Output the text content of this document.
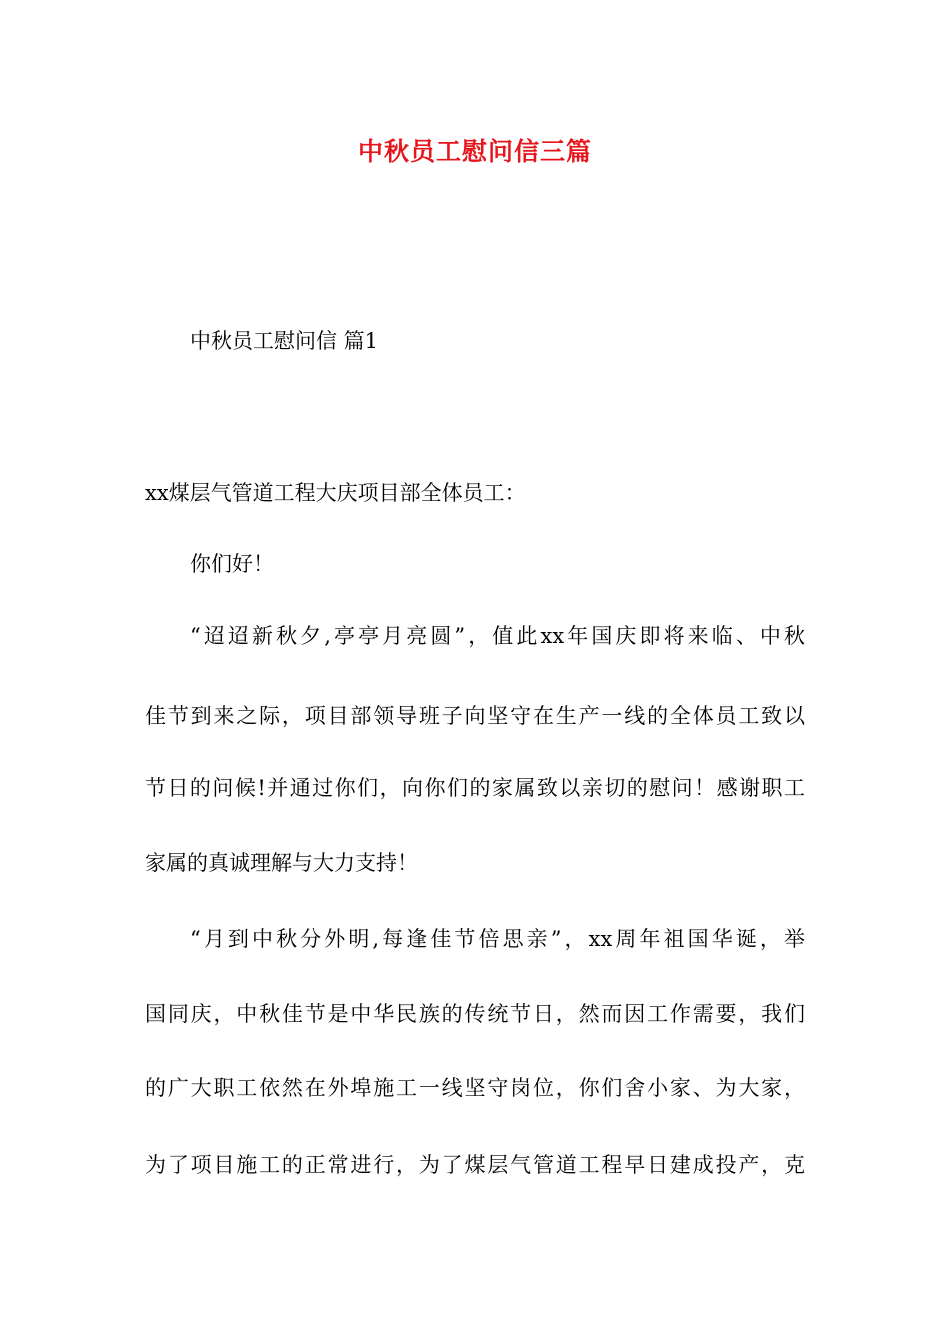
中秋员工慰问信三篇
中秋员工慰问信 篇1
xx煤层气管道工程大庆项目部全体员工：
你们好！
“迢迢新秋夕,亭亭月亮圆”，值此xx年国庆即将来临、中秋
佳节到来之际，项目部领导班子向坚守在生产一线的全体员工致以
节日的问候!并通过你们，向你们的家属致以亲切的慰问！感谢职工
家属的真诚理解与大力支持！
“月到中秋分外明,每逢佳节倍思亲”，xx周年祖国华诞，举
国同庆，中秋佳节是中华民族的传统节日，然而因工作需要，我们
的广大职工依然在外埠施工一线坚守岗位，你们舍小家、为大家，
为了项目施工的正常进行，为了煤层气管道工程早日建成投产，克
